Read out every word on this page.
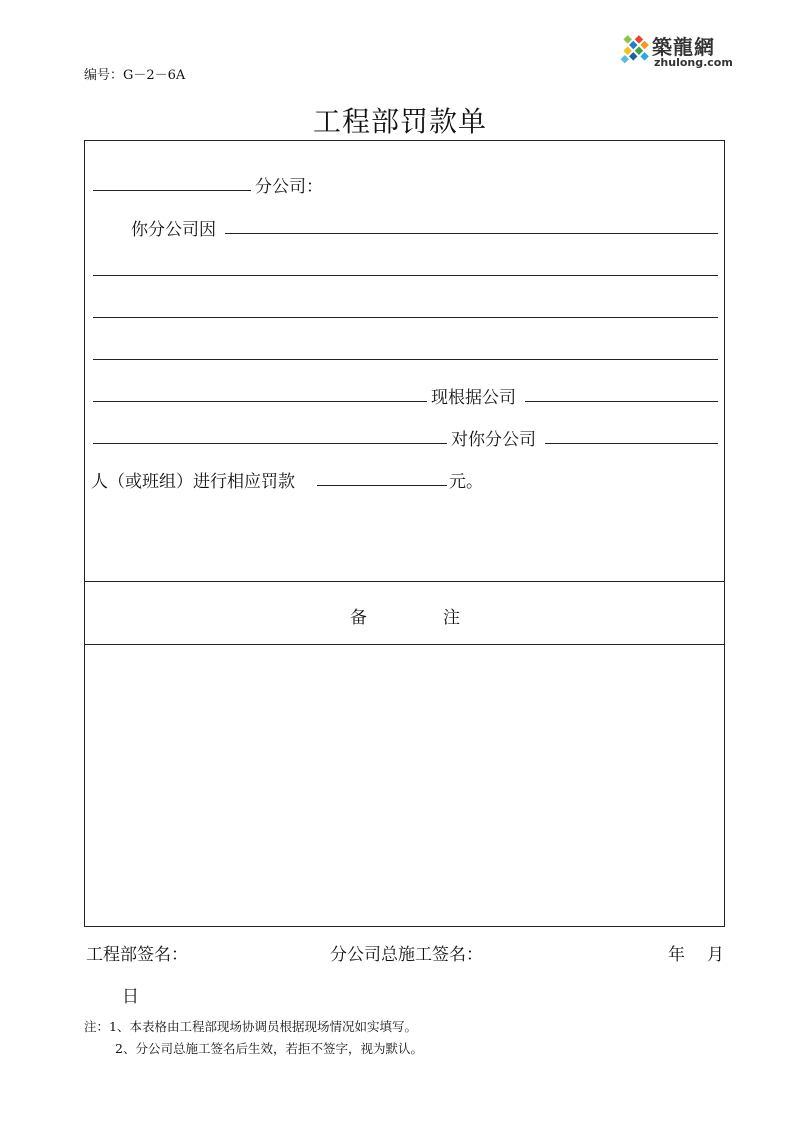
编号：G－2－6A
築龍網
zhulong.com
工程部罚款单
分公司：
你分公司因
现根据公司
对你分公司
人（或班组）进行相应罚款	元。
备	注
工程部签名：	分公司总施工签名：	年 月
日
注：1、本表格由工程部现场协调员根据现场情况如实填写。
2、分公司总施工签名后生效，若拒不签字，视为默认。
